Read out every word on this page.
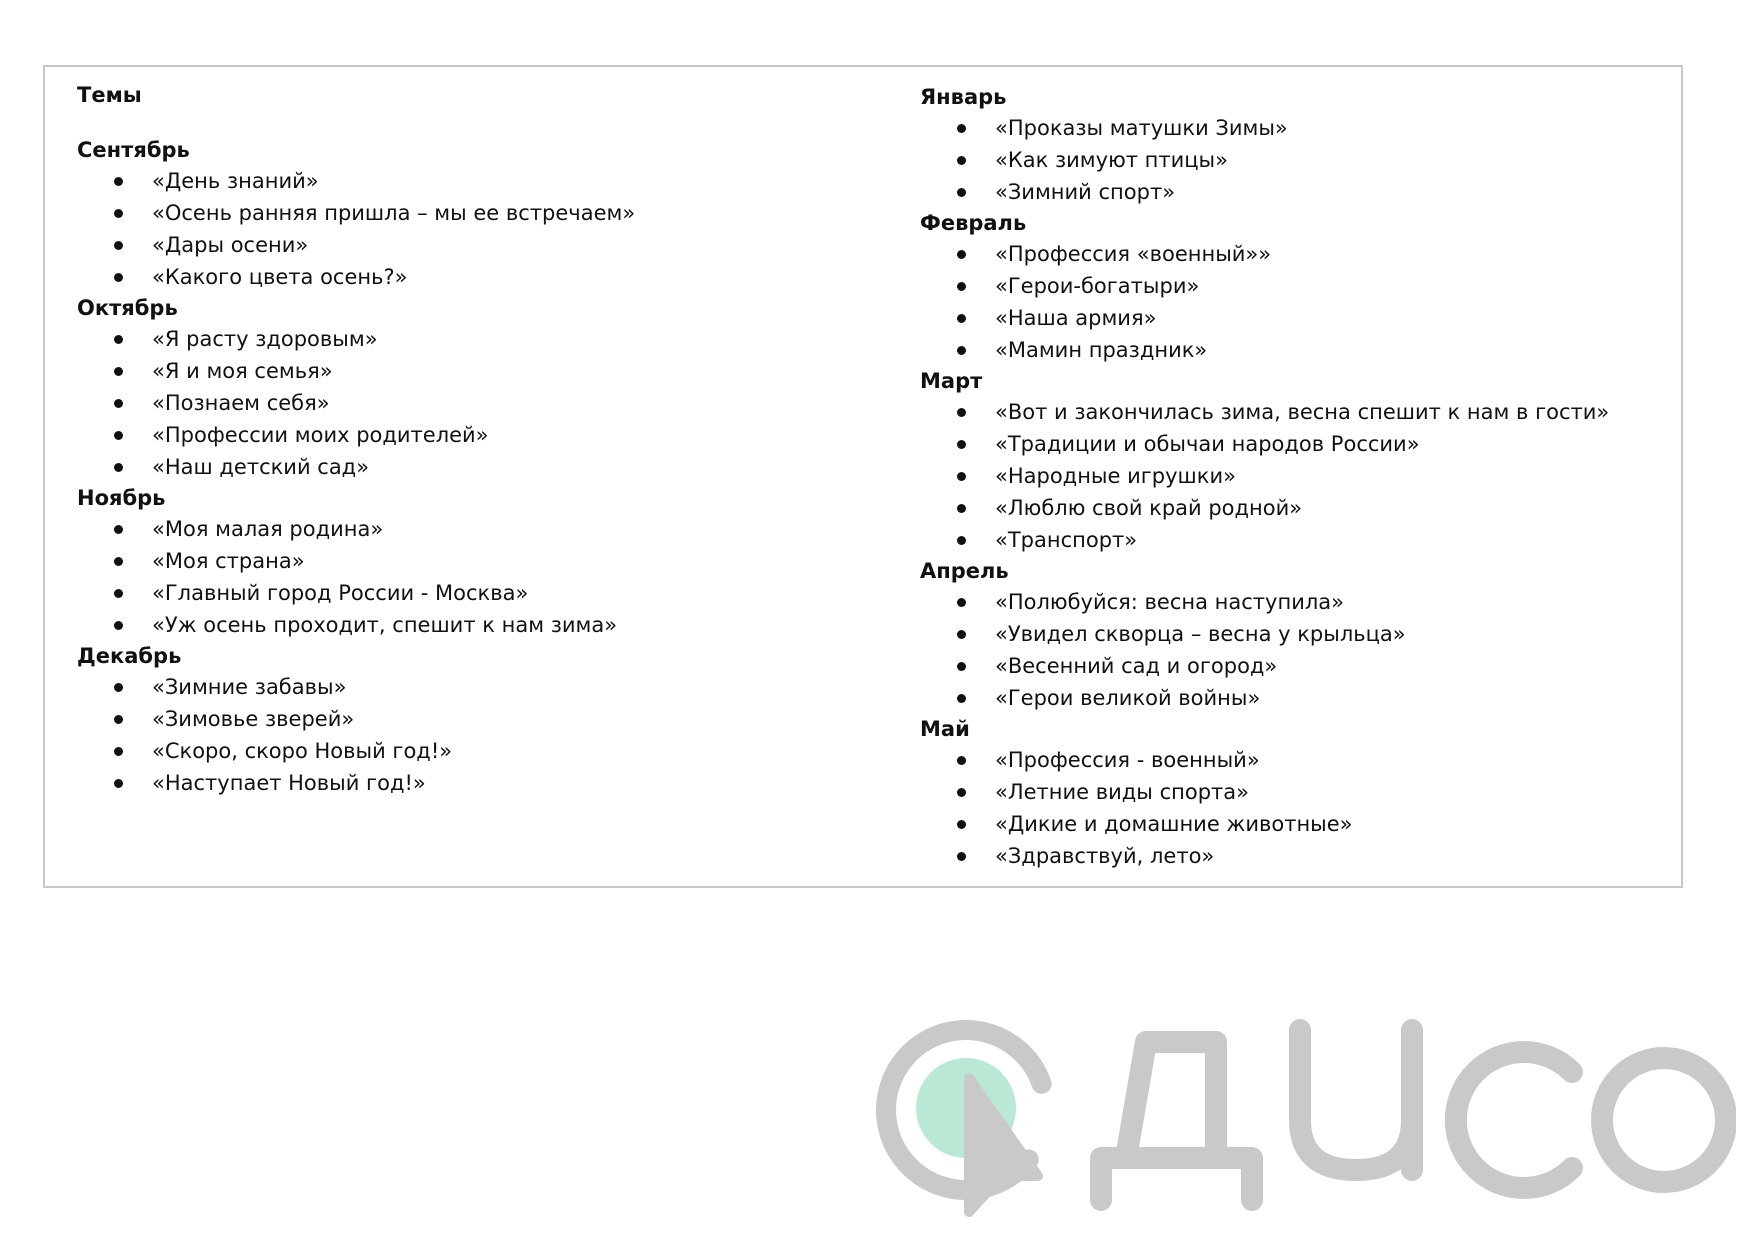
Темы
Сентябрь
«День знаний»
«Осень ранняя пришла – мы ее встречаем»
«Дары осени»
«Какого цвета осень?»
Октябрь
«Я расту здоровым»
«Я и моя семья»
«Познаем себя»
«Профессии моих родителей»
«Наш детский сад»
Ноябрь
«Моя малая родина»
«Моя страна»
«Главный город России - Москва»
«Уж осень проходит, спешит к нам зима»
Декабрь
«Зимние забавы»
«Зимовье зверей»
«Скоро, скоро Новый год!»
«Наступает Новый год!»
Январь
«Проказы матушки Зимы»
«Как зимуют птицы»
«Зимний спорт»
Февраль
«Профессия «военный»»
«Герои-богатыри»
«Наша армия»
«Мамин праздник»
Март
«Вот и закончилась зима, весна спешит к нам в гости»
«Традиции и обычаи народов России»
«Народные игрушки»
«Люблю свой край родной»
«Транспорт»
Апрель
«Полюбуйся: весна наступила»
«Увидел скворца – весна у крыльца»
«Весенний сад и огород»
«Герои великой войны»
Май
«Профессия - военный»
«Летние виды спорта»
«Дикие и домашние животные»
«Здравствуй, лето»
